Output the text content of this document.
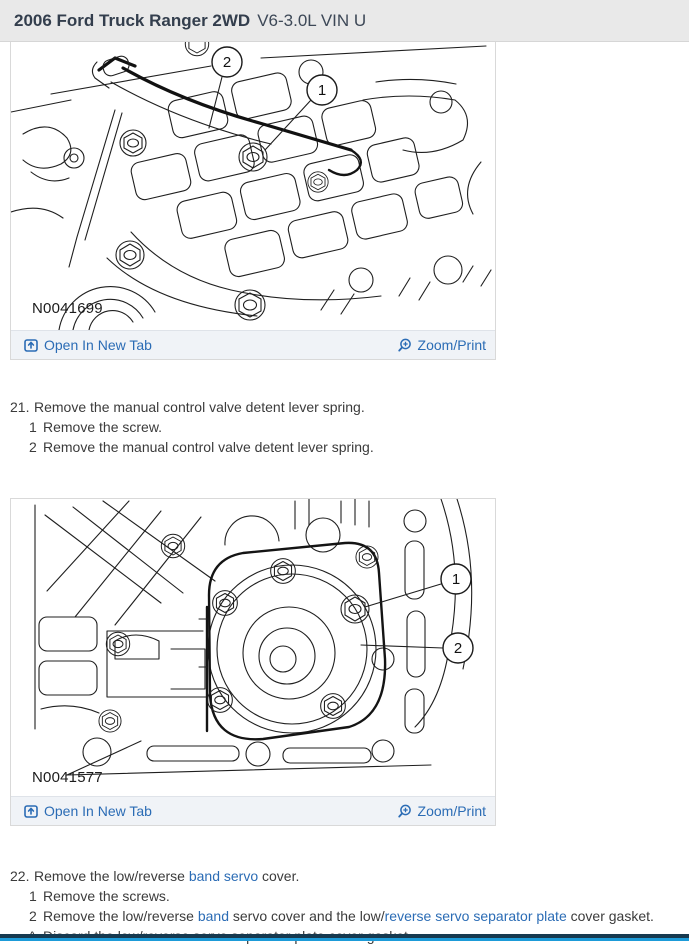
2006 Ford Truck Ranger 2WD V6-3.0L VIN U
2
1
N0041699
Open In New Tab	Zoom/Print
21. Remove the manual control valve detent lever spring.
1 Remove the screw.
2 Remove the manual control valve detent lever spring.
1
2
N0041577
Open In New Tab	Zoom/Print
22. Remove the low/reverse band servo cover.
1 Remove the screws.
2 Remove the low/reverse band servo cover and the low/reverse servo separator plate cover gasket.
